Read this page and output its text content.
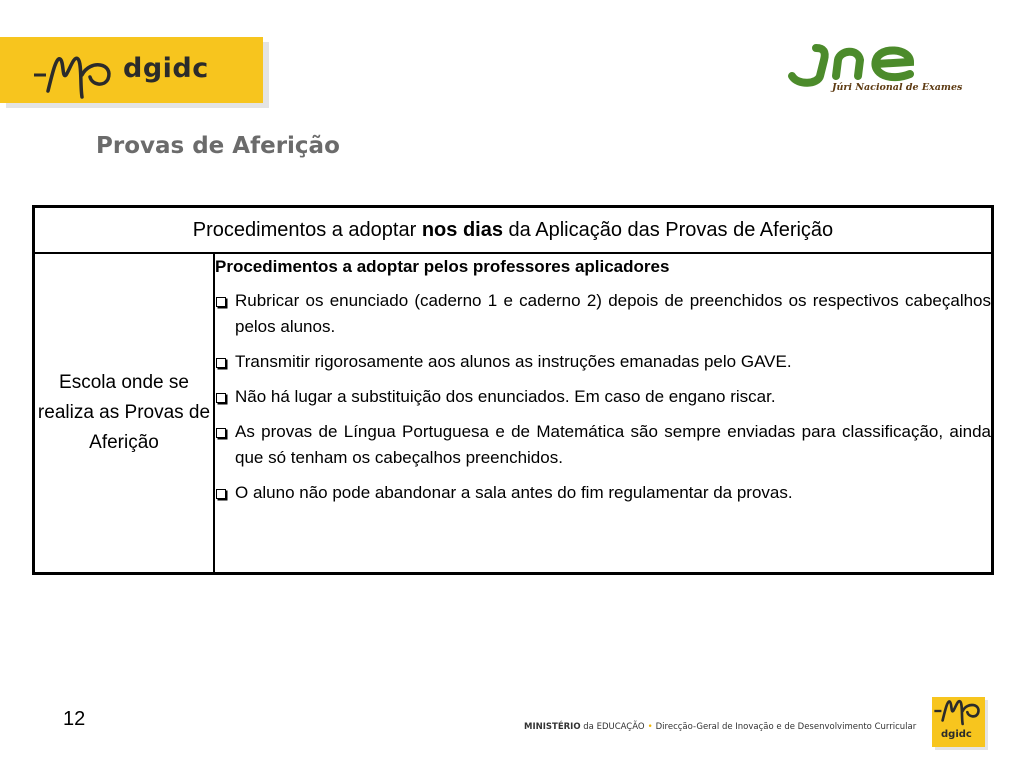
dgidc
Júri Nacional de Exames
Provas de Aferição
Procedimentos a adoptar nos dias da Aplicação das Provas de Aferição
Escola onde se realiza as Provas de Aferição	

Procedimentos a adoptar pelos professores aplicadores

Rubricar os enunciado (caderno 1 e caderno 2) depois de preenchidos os respectivos cabeçalhos pelos alunos.
Transmitir rigorosamente aos alunos as instruções emanadas pelo GAVE.
Não há lugar a substituição dos enunciados. Em caso de engano riscar.
As provas de Língua Portuguesa e de Matemática são sempre enviadas para classificação, ainda que só tenham os cabeçalhos preenchidos.
O aluno não pode abandonar a sala antes do fim regulamentar da provas.
12	MINISTÉRIO da EDUCAÇÃO • Direcção-Geral de Inovação e de Desenvolvimento Curricular
dgidc
